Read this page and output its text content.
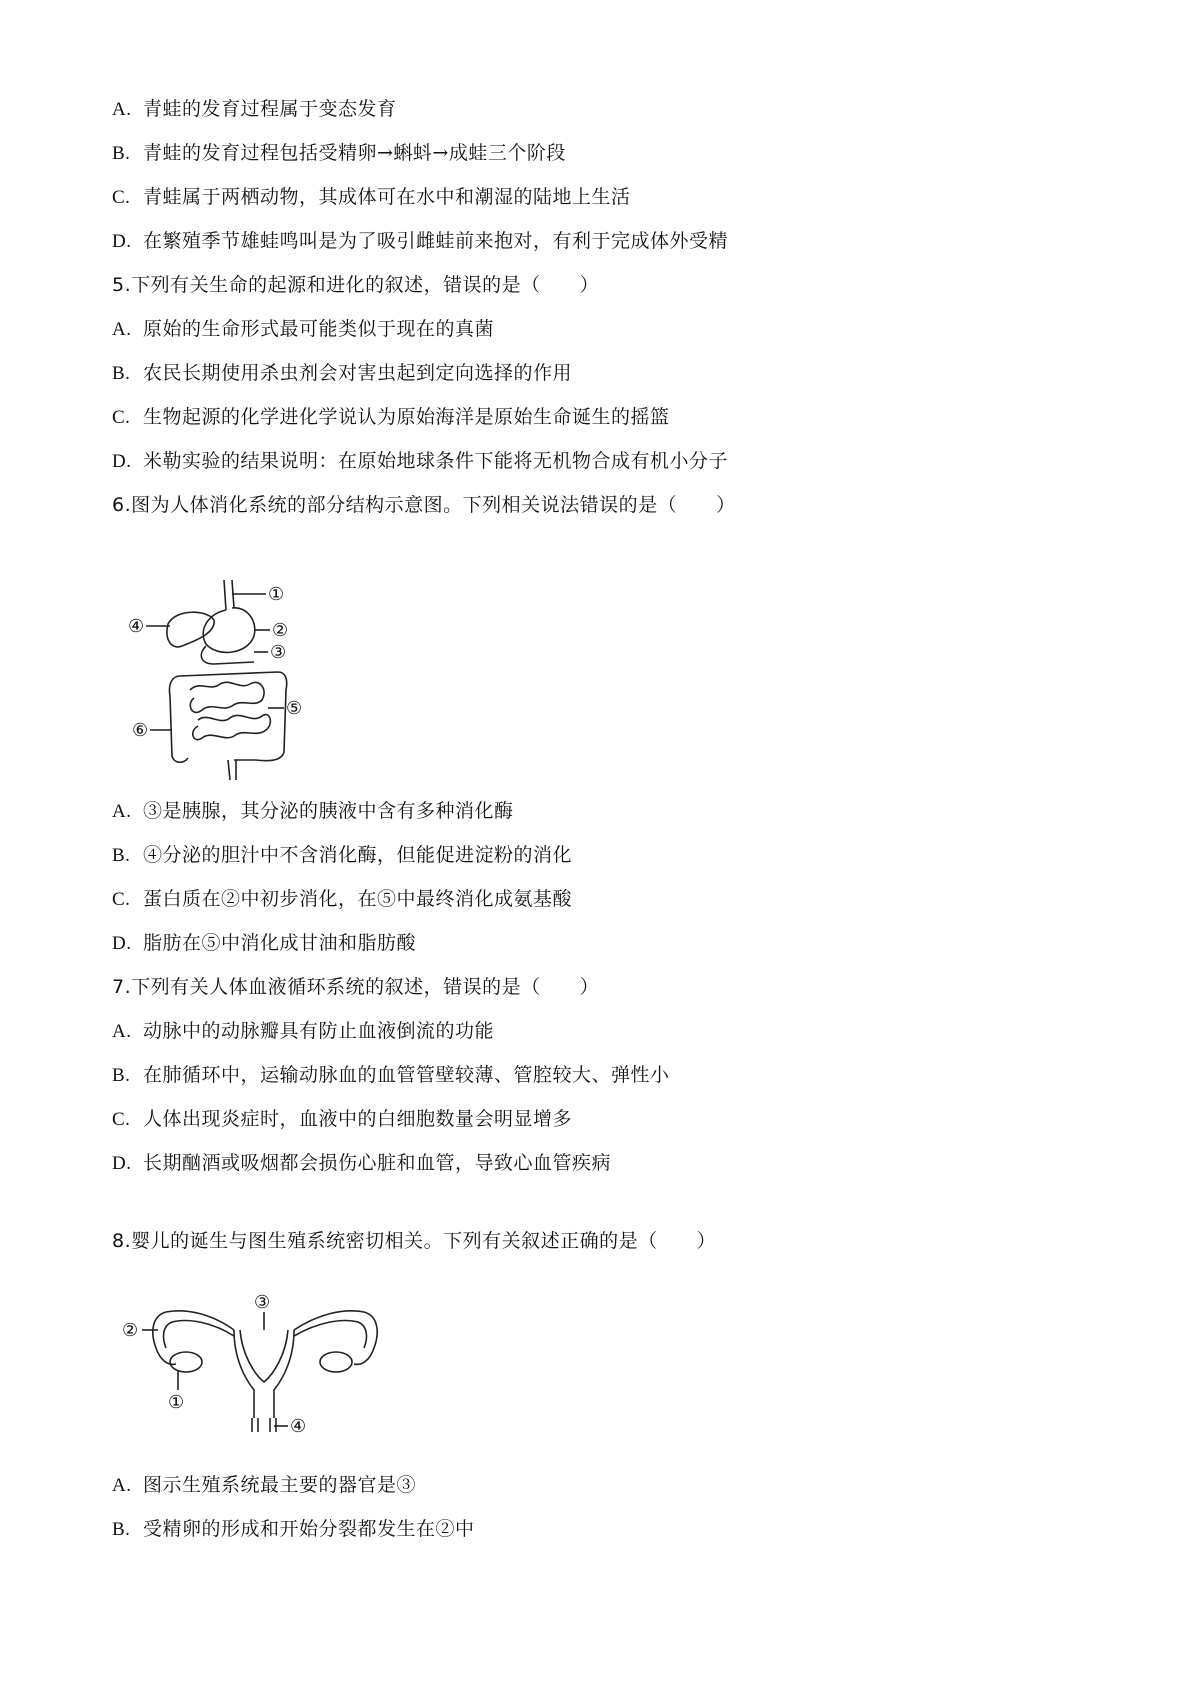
A. 青蛙的发育过程属于变态发育
B. 青蛙的发育过程包括受精卵→蝌蚪→成蛙三个阶段
C. 青蛙属于两栖动物，其成体可在水中和潮湿的陆地上生活
D. 在繁殖季节雄蛙鸣叫是为了吸引雌蛙前来抱对，有利于完成体外受精
5.下列有关生命的起源和进化的叙述，错误的是（　　）
A. 原始的生命形式最可能类似于现在的真菌
B. 农民长期使用杀虫剂会对害虫起到定向选择的作用
C. 生物起源的化学进化学说认为原始海洋是原始生命诞生的摇篮
D. 米勒实验的结果说明：在原始地球条件下能将无机物合成有机小分子
6.图为人体消化系统的部分结构示意图。下列相关说法错误的是（　　）
①
②
③
④
⑤
⑥
A. ③是胰腺，其分泌的胰液中含有多种消化酶
B. ④分泌的胆汁中不含消化酶，但能促进淀粉的消化
C. 蛋白质在②中初步消化，在⑤中最终消化成氨基酸
D. 脂肪在⑤中消化成甘油和脂肪酸
7.下列有关人体血液循环系统的叙述，错误的是（　　）
A. 动脉中的动脉瓣具有防止血液倒流的功能
B. 在肺循环中，运输动脉血的血管管壁较薄、管腔较大、弹性小
C. 人体出现炎症时，血液中的白细胞数量会明显增多
D. 长期酗酒或吸烟都会损伤心脏和血管，导致心血管疾病
8.婴儿的诞生与图生殖系统密切相关。下列有关叙述正确的是（　　）
①
②
③
④
A. 图示生殖系统最主要的器官是③
B. 受精卵的形成和开始分裂都发生在②中
